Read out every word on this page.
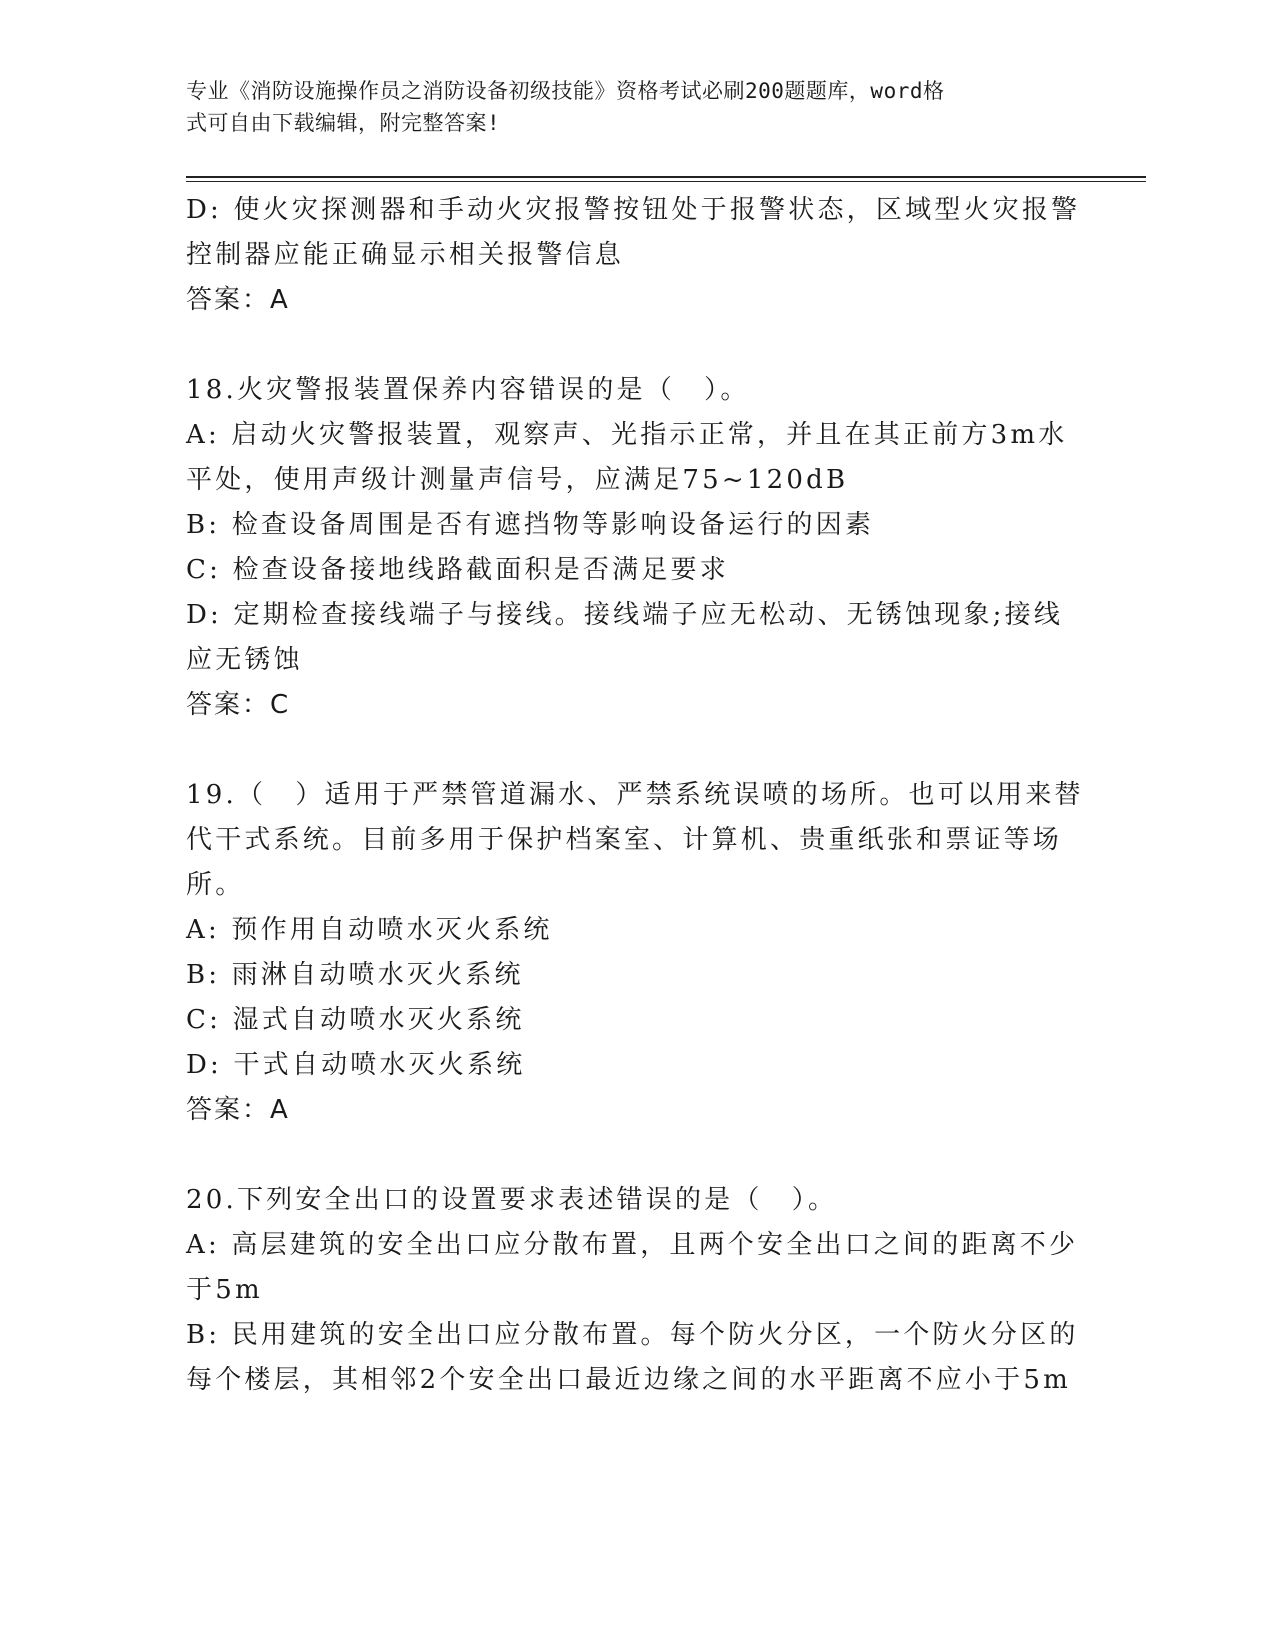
专业《消防设施操作员之消防设备初级技能》资格考试必刷200题题库，word格
式可自由下载编辑，附完整答案!
D: 使火灾探测器和手动火灾报警按钮处于报警状态，区域型火灾报警
控制器应能正确显示相关报警信息
答案：A
18.火灾警报装置保养内容错误的是（　）。
A: 启动火灾警报装置，观察声、光指示正常，并且在其正前方3m水
平处，使用声级计测量声信号，应满足75~120dB
B: 检查设备周围是否有遮挡物等影响设备运行的因素
C: 检查设备接地线路截面积是否满足要求
D: 定期检查接线端子与接线。接线端子应无松动、无锈蚀现象;接线
应无锈蚀
答案：C
19.（　）适用于严禁管道漏水、严禁系统误喷的场所。也可以用来替
代干式系统。目前多用于保护档案室、计算机、贵重纸张和票证等场
所。
A: 预作用自动喷水灭火系统
B: 雨淋自动喷水灭火系统
C: 湿式自动喷水灭火系统
D: 干式自动喷水灭火系统
答案：A
20.下列安全出口的设置要求表述错误的是（　）。
A: 高层建筑的安全出口应分散布置，且两个安全出口之间的距离不少
于5m
B: 民用建筑的安全出口应分散布置。每个防火分区，一个防火分区的
每个楼层，其相邻2个安全出口最近边缘之间的水平距离不应小于5m
